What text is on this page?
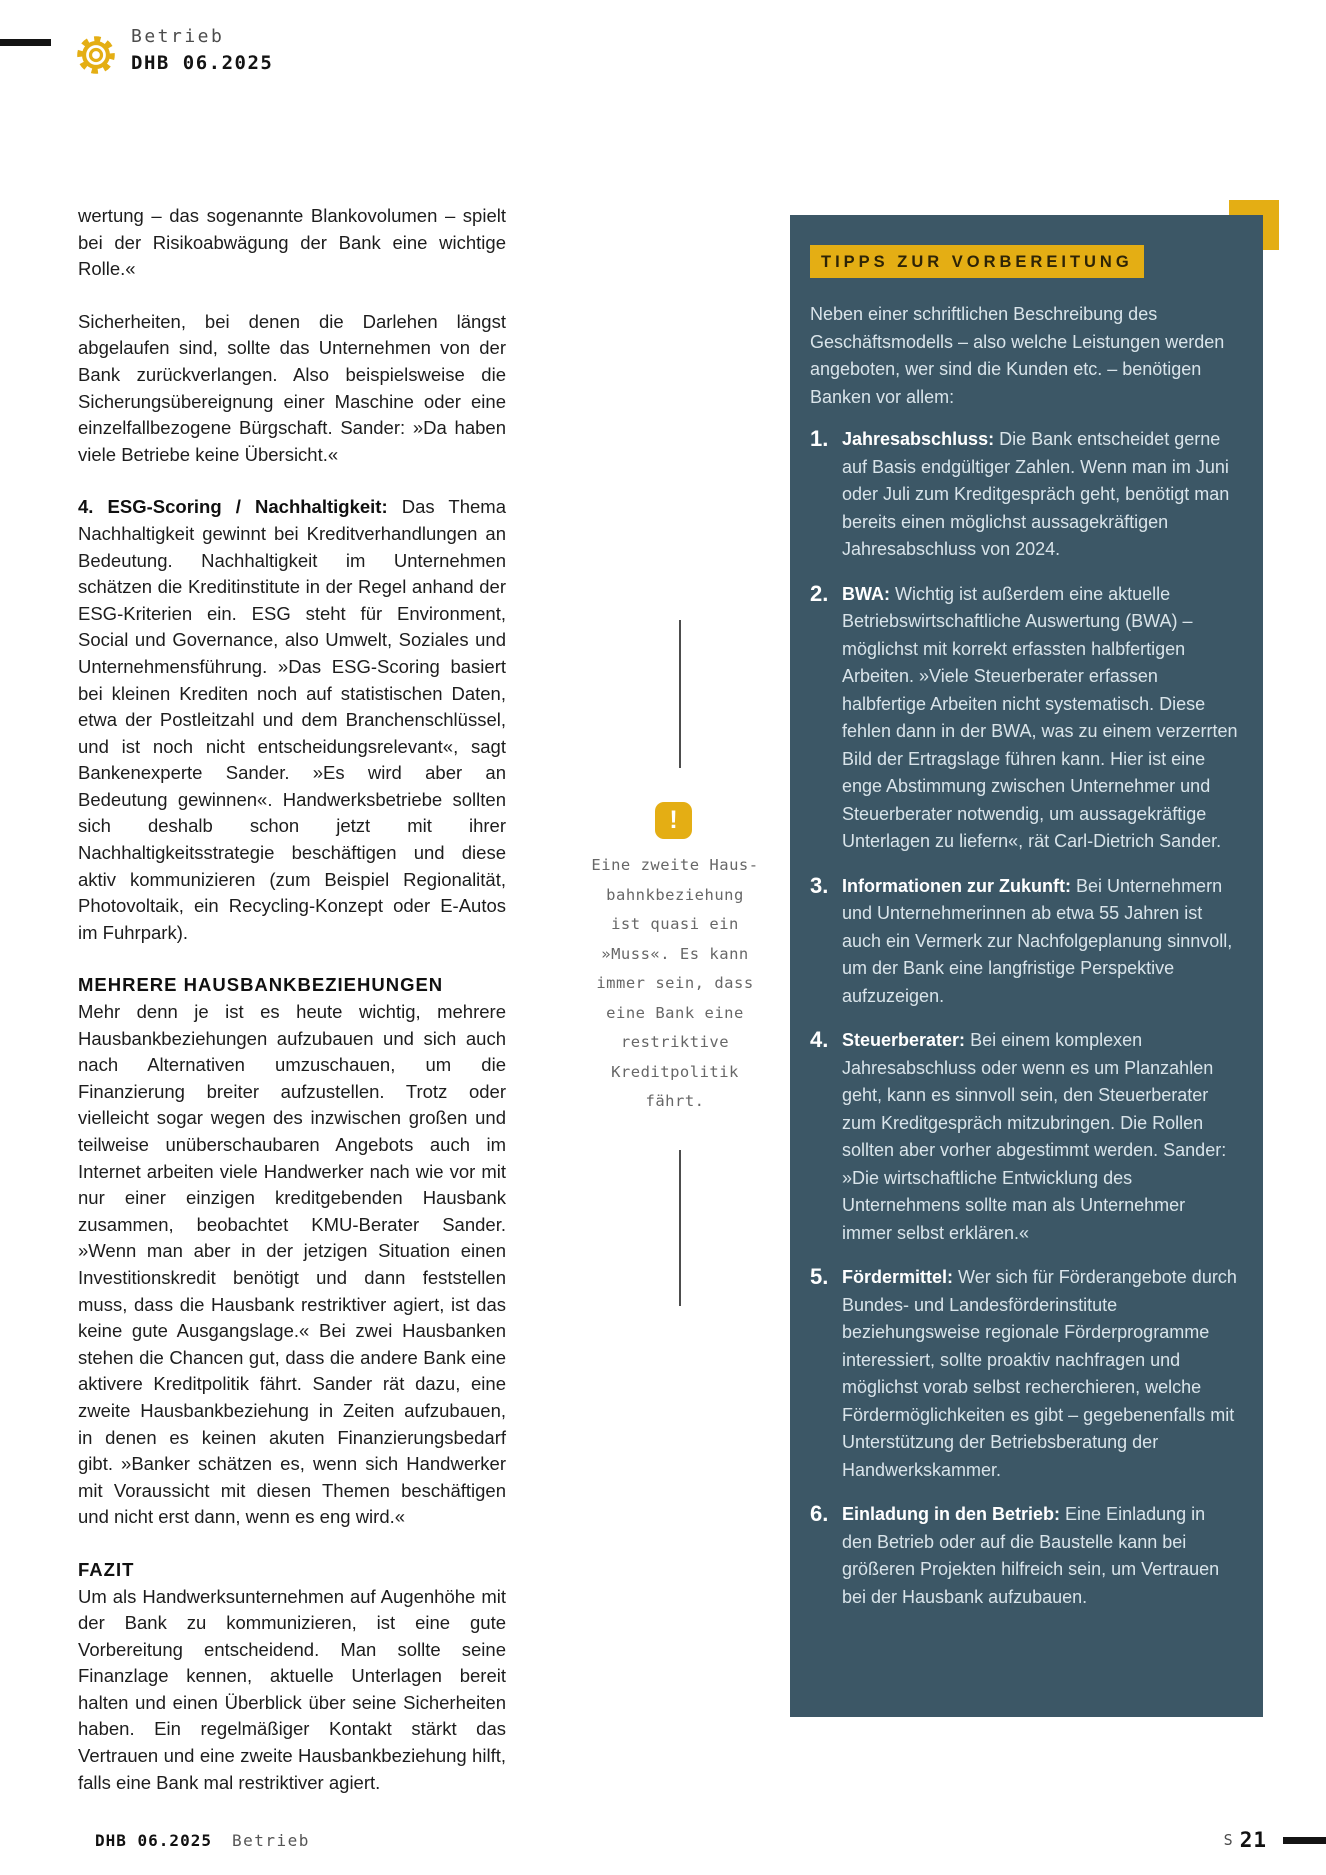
Betrieb
DHB 06.2025

wertung – das sogenannte Blankovolumen – spielt bei der Risikoabwägung der Bank eine wichtige Rolle.«

Sicherheiten, bei denen die Darlehen längst abgelaufen sind, sollte das Unternehmen von der Bank zurückverlangen. Also beispielsweise die Sicherungsübereignung einer Maschine oder eine einzelfallbezogene Bürgschaft. Sander: »Da haben viele Betriebe keine Übersicht.«

4. ESG-Scoring / Nachhaltigkeit: Das Thema Nachhaltigkeit gewinnt bei Kreditverhandlungen an Bedeutung. Nachhaltigkeit im Unternehmen schätzen die Kreditinstitute in der Regel anhand der ESG-Kriterien ein. ESG steht für Environment, Social und Governance, also Umwelt, Soziales und Unternehmensführung. »Das ESG-Scoring basiert bei kleinen Krediten noch auf statistischen Daten, etwa der Postleitzahl und dem Branchenschlüssel, und ist noch nicht entscheidungsrelevant«, sagt Bankenexperte Sander. »Es wird aber an Bedeutung gewinnen«. Handwerksbetriebe sollten sich deshalb schon jetzt mit ihrer Nachhaltigkeitsstrategie beschäftigen und diese aktiv kommunizieren (zum Beispiel Regionalität, Photovoltaik, ein Recycling-Konzept oder E-Autos im Fuhrpark).

MEHRERE HAUSBANKBEZIEHUNGEN

Mehr denn je ist es heute wichtig, mehrere Hausbankbeziehungen aufzubauen und sich auch nach Alternativen umzuschauen, um die Finanzierung breiter aufzustellen. Trotz oder vielleicht sogar wegen des inzwischen großen und teilweise unüberschaubaren Angebots auch im Internet arbeiten viele Handwerker nach wie vor mit nur einer einzigen kreditgebenden Hausbank zusammen, beobachtet KMU-Berater Sander. »Wenn man aber in der jetzigen Situation einen Investitionskredit benötigt und dann feststellen muss, dass die Hausbank restriktiver agiert, ist das keine gute Ausgangslage.« Bei zwei Hausbanken stehen die Chancen gut, dass die andere Bank eine aktivere Kreditpolitik fährt. Sander rät dazu, eine zweite Hausbankbeziehung in Zeiten aufzubauen, in denen es keinen akuten Finanzierungsbedarf gibt. »Banker schätzen es, wenn sich Handwerker mit Voraussicht mit diesen Themen beschäftigen und nicht erst dann, wenn es eng wird.«

FAZIT

Um als Handwerksunternehmen auf Augenhöhe mit der Bank zu kommunizieren, ist eine gute Vorbereitung entscheidend. Man sollte seine Finanzlage kennen, aktuelle Unterlagen bereit halten und einen Überblick über seine Sicherheiten haben. Ein regelmäßiger Kontakt stärkt das Vertrauen und eine zweite Hausbankbeziehung hilft, falls eine Bank mal restriktiver agiert.

!
Eine zweite Haus-
bahnkbeziehung
ist quasi ein
»Muss«. Es kann
immer sein, dass
eine Bank eine
restriktive
Kreditpolitik
fährt.
TIPPS ZUR VORBEREITUNG

Neben einer schriftlichen Beschreibung des Geschäftsmodells – also welche Leistungen werden angeboten, wer sind die Kunden etc. – benötigen Banken vor allem:

1. Jahresabschluss: Die Bank entscheidet gerne auf Basis endgültiger Zahlen. Wenn man im Juni oder Juli zum Kreditgespräch geht, benötigt man bereits einen möglichst aussagekräftigen Jahresabschluss von 2024.
2. BWA: Wichtig ist außerdem eine aktuelle Betriebswirtschaftliche Auswertung (BWA) – möglichst mit korrekt erfassten halbfertigen Arbeiten. »Viele Steuerberater erfassen halbfertige Arbeiten nicht systematisch. Diese fehlen dann in der BWA, was zu einem verzerrten Bild der Ertragslage führen kann. Hier ist eine enge Abstimmung zwischen Unternehmer und Steuerberater notwendig, um aussagekräftige Unterlagen zu liefern«, rät Carl-Dietrich Sander.
3. Informationen zur Zukunft: Bei Unternehmern und Unternehmerinnen ab etwa 55 Jahren ist auch ein Vermerk zur Nachfolgeplanung sinnvoll, um der Bank eine langfristige Perspektive aufzuzeigen.
4. Steuerberater: Bei einem komplexen Jahresabschluss oder wenn es um Planzahlen geht, kann es sinnvoll sein, den Steuerberater zum Kreditgespräch mitzubringen. Die Rollen sollten aber vorher abgestimmt werden. Sander: »Die wirtschaftliche Entwicklung des Unternehmens sollte man als Unternehmer immer selbst erklären.«
5. Fördermittel: Wer sich für Förderangebote durch Bundes- und Landesförderinstitute beziehungsweise regionale Förderprogramme interessiert, sollte proaktiv nachfragen und möglichst vorab selbst recherchieren, welche Fördermöglichkeiten es gibt – gegebenenfalls mit Unterstützung der Betriebsberatung der Handwerkskammer.
6. Einladung in den Betrieb: Eine Einladung in den Betrieb oder auf die Baustelle kann bei größeren Projekten hilfreich sein, um Vertrauen bei der Hausbank aufzubauen.
DHB 06.2025 Betrieb	S 21
